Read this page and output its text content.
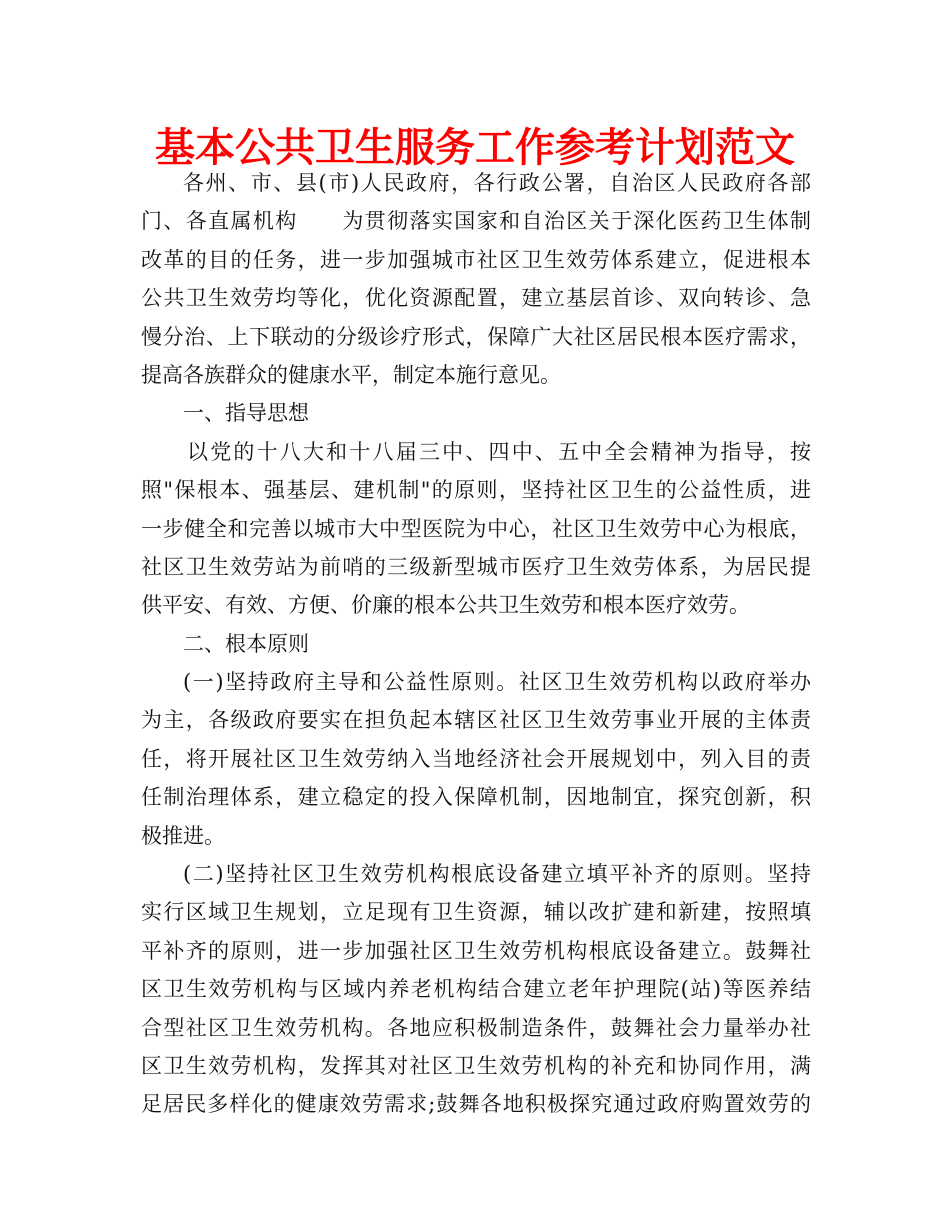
基本公共卫生服务工作参考计划范文
各州、市、县(市)人民政府，各行政公署，自治区人民政府各部
门、各直属机构　　为贯彻落实国家和自治区关于深化医药卫生体制
改革的目的任务，进一步加强城市社区卫生效劳体系建立，促进根本
公共卫生效劳均等化，优化资源配置，建立基层首诊、双向转诊、急
慢分治、上下联动的分级诊疗形式，保障广大社区居民根本医疗需求，
提高各族群众的健康水平，制定本施行意见。
一、指导思想
以党的十八大和十八届三中、四中、五中全会精神为指导，按
照"保根本、强基层、建机制"的原则，坚持社区卫生的公益性质，进
一步健全和完善以城市大中型医院为中心，社区卫生效劳中心为根底，
社区卫生效劳站为前哨的三级新型城市医疗卫生效劳体系，为居民提
供平安、有效、方便、价廉的根本公共卫生效劳和根本医疗效劳。
二、根本原则
(一)坚持政府主导和公益性原则。社区卫生效劳机构以政府举办
为主，各级政府要实在担负起本辖区社区卫生效劳事业开展的主体责
任，将开展社区卫生效劳纳入当地经济社会开展规划中，列入目的责
任制治理体系，建立稳定的投入保障机制，因地制宜，探究创新，积
极推进。
(二)坚持社区卫生效劳机构根底设备建立填平补齐的原则。坚持
实行区域卫生规划，立足现有卫生资源，辅以改扩建和新建，按照填
平补齐的原则，进一步加强社区卫生效劳机构根底设备建立。鼓舞社
区卫生效劳机构与区域内养老机构结合建立老年护理院(站)等医养结
合型社区卫生效劳机构。各地应积极制造条件，鼓舞社会力量举办社
区卫生效劳机构，发挥其对社区卫生效劳机构的补充和协同作用，满
足居民多样化的健康效劳需求;鼓舞各地积极探究通过政府购置效劳的
